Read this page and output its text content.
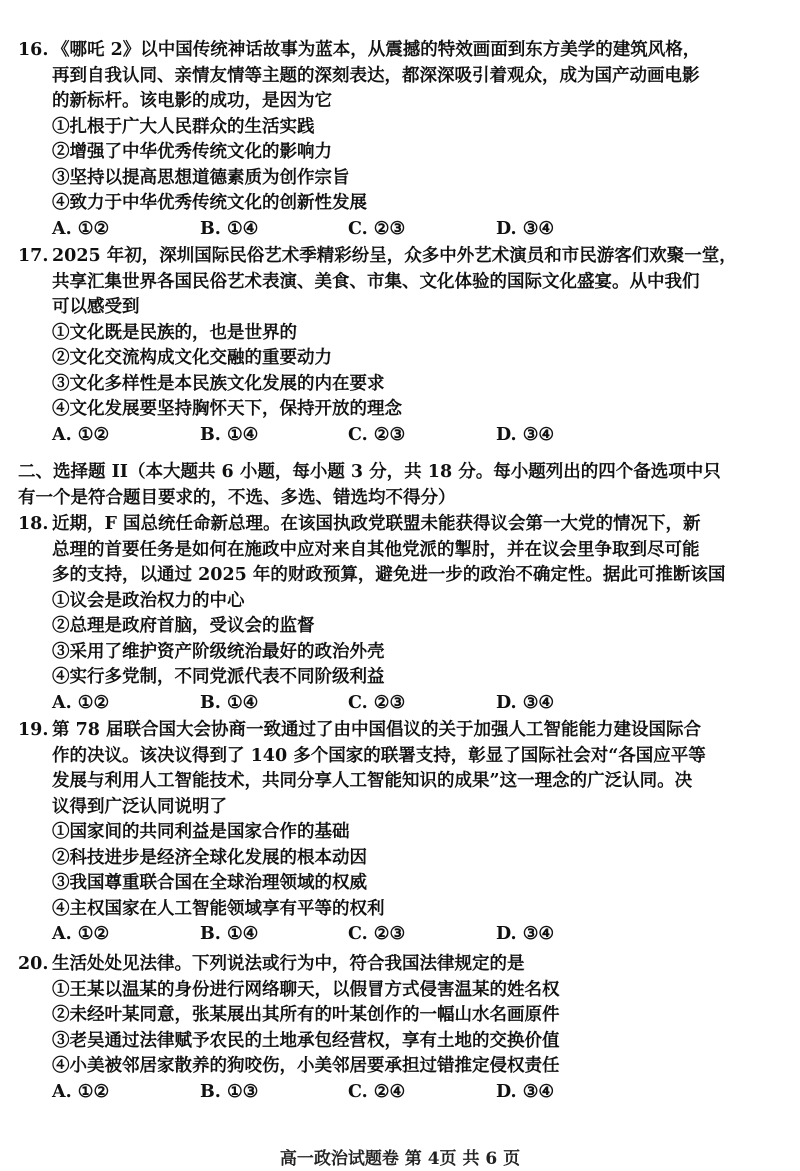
16. 《哪吒 2》以中国传统神话故事为蓝本，从震撼的特效画面到东方美学的建筑风格，

再到自我认同、亲情友情等主题的深刻表达，都深深吸引着观众，成为国产动画电影

的新标杆。该电影的成功，是因为它

①扎根于广大人民群众的生活实践

②增强了中华优秀传统文化的影响力

③坚持以提高思想道德素质为创作宗旨

④致力于中华优秀传统文化的创新性发展

A. ①②	B. ①④	C. ②③	D. ③④

17. 2025 年初，深圳国际民俗艺术季精彩纷呈，众多中外艺术演员和市民游客们欢聚一堂，

共享汇集世界各国民俗艺术表演、美食、市集、文化体验的国际文化盛宴。从中我们

可以感受到

①文化既是民族的，也是世界的

②文化交流构成文化交融的重要动力

③文化多样性是本民族文化发展的内在要求

④文化发展要坚持胸怀天下，保持开放的理念

A. ①②	B. ①④	C. ②③	D. ③④

二、选择题 II（本大题共 6 小题，每小题 3 分，共 18 分。每小题列出的四个备选项中只

有一个是符合题目要求的，不选、多选、错选均不得分）

18. 近期，F 国总统任命新总理。在该国执政党联盟未能获得议会第一大党的情况下，新

总理的首要任务是如何在施政中应对来自其他党派的掣肘，并在议会里争取到尽可能

多的支持，以通过 2025 年的财政预算，避免进一步的政治不确定性。据此可推断该国

①议会是政治权力的中心

②总理是政府首脑，受议会的监督

③采用了维护资产阶级统治最好的政治外壳

④实行多党制，不同党派代表不同阶级利益

A. ①②	B. ①④	C. ②③	D. ③④

19. 第 78 届联合国大会协商一致通过了由中国倡议的关于加强人工智能能力建设国际合

作的决议。该决议得到了 140 多个国家的联署支持，彰显了国际社会对“各国应平等

发展与利用人工智能技术，共同分享人工智能知识的成果”这一理念的广泛认同。决

议得到广泛认同说明了

①国家间的共同利益是国家合作的基础

②科技进步是经济全球化发展的根本动因

③我国尊重联合国在全球治理领域的权威

④主权国家在人工智能领域享有平等的权利

A. ①②	B. ①④	C. ②③	D. ③④

20. 生活处处见法律。下列说法或行为中，符合我国法律规定的是

①王某以温某的身份进行网络聊天，以假冒方式侵害温某的姓名权

②未经叶某同意，张某展出其所有的叶某创作的一幅山水名画原件

③老吴通过法律赋予农民的土地承包经营权，享有土地的交换价值

④小美被邻居家散养的狗咬伤，小美邻居要承担过错推定侵权责任

A. ①②	B. ①③	C. ②④	D. ③④

高一政治试题卷 第 4页 共 6 页
